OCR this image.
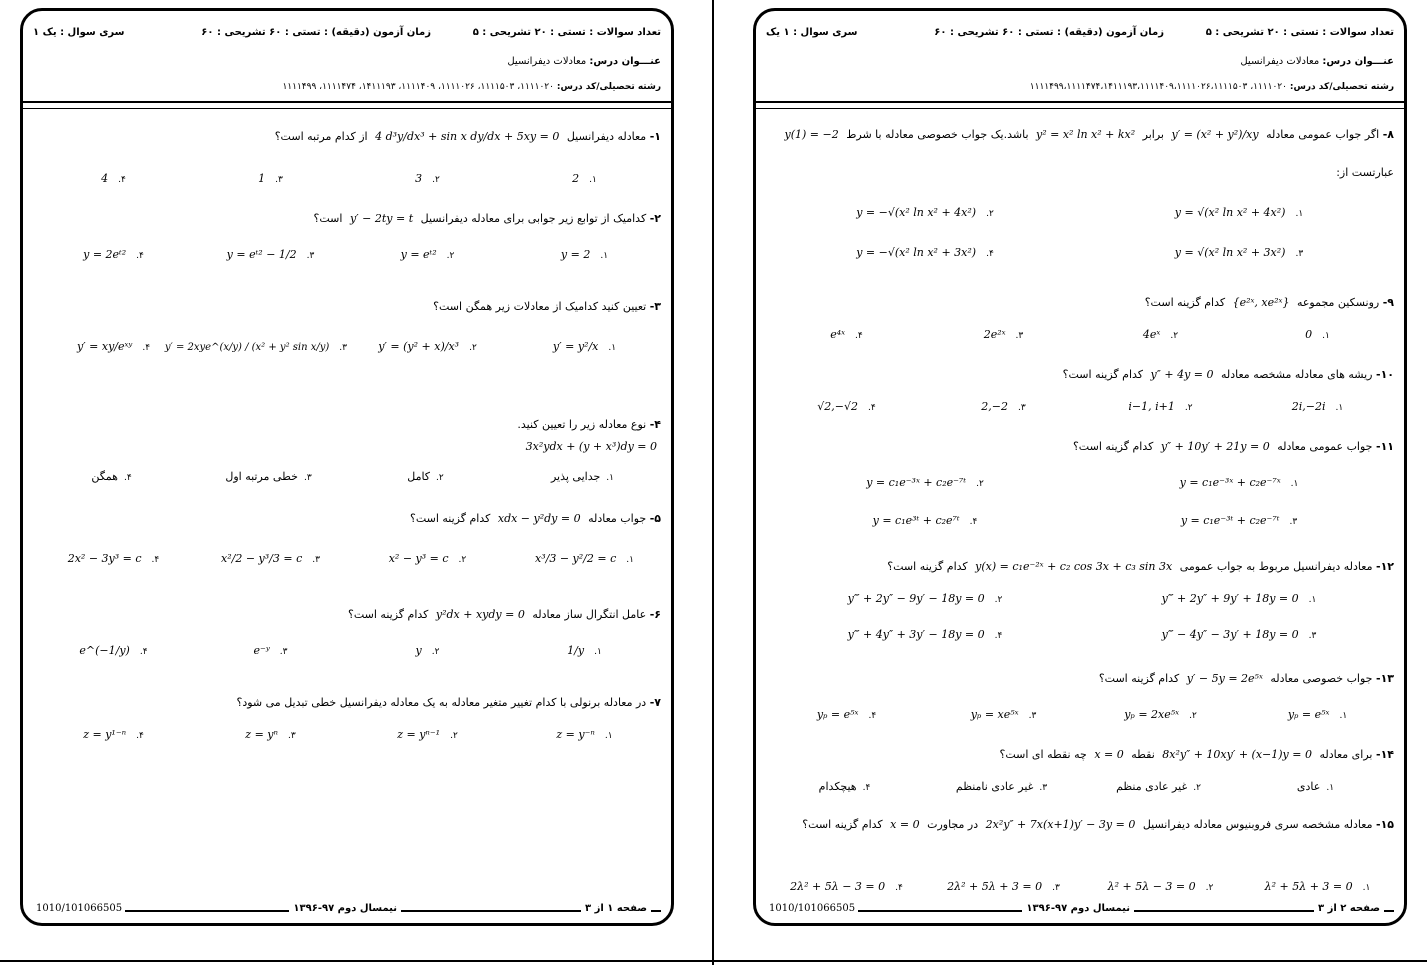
تعداد سوالات : تستی : ۲۰ تشریحی : ۵
زمان آزمون (دقیقه) : تستی : ۶۰ تشریحی : ۶۰
سری سوال : ۱ یک
عنـــوان درس: معادلات دیفرانسیل
رشته تحصیلی/کد درس: ۱۱۱۱۰۲۰، ۱۱۱۱۴۹۹،۱۱۱۱۴۷۴،۱۴۱۱۱۹۳،۱۱۱۱۴۰۹،۱۱۱۱۰۲۶،۱۱۱۱۵۰۳
۸- اگر جواب عمومی معادله y′ = (x² + y²)/xy برابر y² = x² ln x² + kx² باشد.یک جواب خصوصی معادله با شرط y(1) = −2
عبارتست از:
۱.y = √(x² ln x² + 4x²)
۲.y = −√(x² ln x² + 4x²)
۳.y = √(x² ln x² + 3x²)
۴.y = −√(x² ln x² + 3x²)
۹- رونسکین مجموعه {e²ˣ, xe²ˣ} کدام گزینه است؟
۱.0
۲.4eˣ
۳.2e²ˣ
۴.e⁴ˣ
۱۰- ریشه های معادله مشخصه معادله y″ + 4y = 0 کدام گزینه است؟
۱.2i,−2i
۲.i−1, i+1
۳.2,−2
۴.√2,−√2
۱۱- جواب عمومی معادله y″ + 10y′ + 21y = 0 کدام گزینه است؟
۱.y = c₁e⁻³ˣ + c₂e⁻⁷ˣ
۲.y = c₁e⁻³ˣ + c₂e⁻⁷ᵗ
۳.y = c₁e⁻³ᵗ + c₂e⁻⁷ᵗ
۴.y = c₁e³ᵗ + c₂e⁷ᵗ
۱۲- معادله دیفرانسیل مربوط به جواب عمومی y(x) = c₁e⁻²ˣ + c₂ cos 3x + c₃ sin 3x کدام گزینه است؟
۱.y‴ + 2y″ + 9y′ + 18y = 0
۲.y‴ + 2y″ − 9y′ − 18y = 0
۳.y‴ − 4y″ − 3y′ + 18y = 0
۴.y‴ + 4y″ + 3y′ − 18y = 0
۱۳- جواب خصوصی معادله y′ − 5y = 2e⁵ˣ کدام گزینه است؟
۱.yₚ = e⁵ˣ
۲.yₚ = 2xe⁵ˣ
۳.yₚ = xe⁵ˣ
۴.yₚ = e⁵ˣ
۱۴- برای معادله 8x²y″ + 10xy′ + (x−1)y = 0 نقطه x = 0 چه نقطه ای است؟
۱.عادی
۲.غیر عادی منظم
۳.غیر عادی نامنظم
۴.هیچکدام
۱۵- معادله مشخصه سری فروبنیوس معادله دیفرانسیل 2x²y″ + 7x(x+1)y′ − 3y = 0 در مجاورت x = 0 کدام گزینه است؟
۱.λ² + 5λ + 3 = 0
۲.λ² + 5λ − 3 = 0
۳.2λ² + 5λ + 3 = 0
۴.2λ² + 5λ − 3 = 0
صفحه ۲ از ۳
نیمسال دوم ۹۷-۱۳۹۶
1010/101066505
تعداد سوالات : تستی : ۲۰ تشریحی : ۵
زمان آزمون (دقیقه) : تستی : ۶۰ تشریحی : ۶۰
سری سوال : یک ۱
عنـــوان درس: معادلات دیفرانسیل
رشته تحصیلی/کد درس: ۱۱۱۱۰۲۰، ۱۱۱۱۵۰۳، ۱۱۱۱۰۲۶، ۱۱۱۱۴۰۹، ۱۴۱۱۱۹۳، ۱۱۱۱۴۷۴، ۱۱۱۱۴۹۹
۱- معادله دیفرانسیل 4 d³y/dx³ + sin x dy/dx + 5xy = 0 از کدام مرتبه است؟
۱.2
۲.3
۳.1
۴.4
۲- کدامیک از توابع زیر جوابی برای معادله دیفرانسیل y′ − 2ty = t است؟
۱.y = 2
۲.y = eᵗ²
۳.y = eᵗ² − 1/2
۴.y = 2eᵗ²
۳- تعیین کنید کدامیک از معادلات زیر همگن است؟
۱.y′ = y²/x
۲.y′ = (y² + x)/x³
۳.y′ = 2xye^(x/y) / (x² + y² sin x/y)
۴.y′ = xy/eˣʸ
۴- نوع معادله زیر را تعیین کنید.
3x²ydx + (y + x³)dy = 0
۱.جدایی پذیر
۲.کامل
۳.خطی مرتبه اول
۴.همگن
۵- جواب معادله xdx − y²dy = 0 کدام گزینه است؟
۱.x³/3 − y²/2 = c
۲.x² − y³ = c
۳.x²/2 − y³/3 = c
۴.2x² − 3y³ = c
۶- عامل انتگرال ساز معادله y²dx + xydy = 0 کدام گزینه است؟
۱.1/y
۲.y
۳.e⁻ʸ
۴.e^(−1/y)
۷- در معادله برنولی با کدام تغییر متغیر معادله به یک معادله دیفرانسیل خطی تبدیل می شود؟
۱.z = y⁻ⁿ
۲.z = yⁿ⁻¹
۳.z = yⁿ
۴.z = y¹⁻ⁿ
صفحه ۱ از ۳
نیمسال دوم ۹۷-۱۳۹۶
1010/101066505
